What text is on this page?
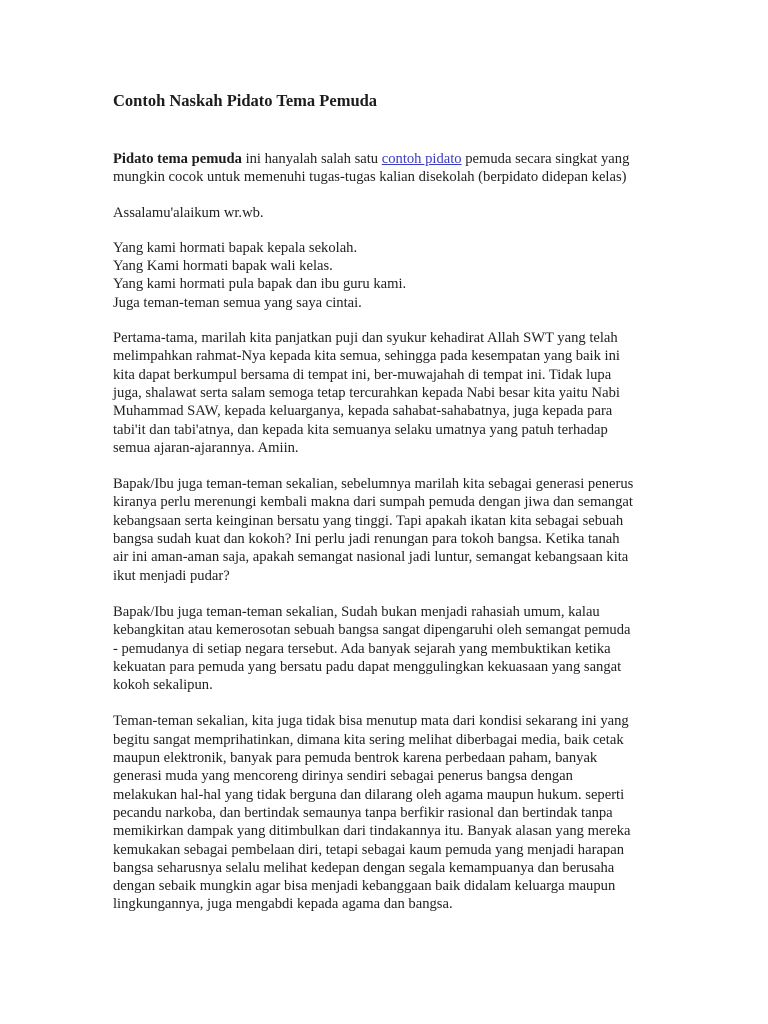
Contoh Naskah Pidato Tema Pemuda

Pidato tema pemuda ini hanyalah salah satu contoh pidato pemuda secara singkat yang
mungkin cocok untuk memenuhi tugas-tugas kalian disekolah (berpidato didepan kelas)

Assalamu'alaikum wr.wb.

Yang kami hormati bapak kepala sekolah.
Yang Kami hormati bapak wali kelas.
Yang kami hormati pula bapak dan ibu guru kami.
Juga teman-teman semua yang saya cintai.

Pertama-tama, marilah kita panjatkan puji dan syukur kehadirat Allah SWT yang telah
melimpahkan rahmat-Nya kepada kita semua, sehingga pada kesempatan yang baik ini
kita dapat berkumpul bersama di tempat ini, ber-muwajahah di tempat ini. Tidak lupa
juga, shalawat serta salam semoga tetap tercurahkan kepada Nabi besar kita yaitu Nabi
Muhammad SAW, kepada keluarganya, kepada sahabat-sahabatnya, juga kepada para
tabi'it dan tabi'atnya, dan kepada kita semuanya selaku umatnya yang patuh terhadap
semua ajaran-ajarannya. Amiin.

Bapak/Ibu juga teman-teman sekalian, sebelumnya marilah kita sebagai generasi penerus
kiranya perlu merenungi kembali makna dari sumpah pemuda dengan jiwa dan semangat
kebangsaan serta keinginan bersatu yang tinggi. Tapi apakah ikatan kita sebagai sebuah
bangsa sudah kuat dan kokoh? Ini perlu jadi renungan para tokoh bangsa. Ketika tanah
air ini aman-aman saja, apakah semangat nasional jadi luntur, semangat kebangsaan kita
ikut menjadi pudar?

Bapak/Ibu juga teman-teman sekalian, Sudah bukan menjadi rahasiah umum, kalau
kebangkitan atau kemerosotan sebuah bangsa sangat dipengaruhi oleh semangat pemuda
- pemudanya di setiap negara tersebut. Ada banyak sejarah yang membuktikan ketika
kekuatan para pemuda yang bersatu padu dapat menggulingkan kekuasaan yang sangat
kokoh sekalipun.

Teman-teman sekalian, kita juga tidak bisa menutup mata dari kondisi sekarang ini yang
begitu sangat memprihatinkan, dimana kita sering melihat diberbagai media, baik cetak
maupun elektronik, banyak para pemuda bentrok karena perbedaan paham, banyak
generasi muda yang mencoreng dirinya sendiri sebagai penerus bangsa dengan
melakukan hal-hal yang tidak berguna dan dilarang oleh agama maupun hukum. seperti
pecandu narkoba, dan bertindak semaunya tanpa berfikir rasional dan bertindak tanpa
memikirkan dampak yang ditimbulkan dari tindakannya itu. Banyak alasan yang mereka
kemukakan sebagai pembelaan diri, tetapi sebagai kaum pemuda yang menjadi harapan
bangsa seharusnya selalu melihat kedepan dengan segala kemampuanya dan berusaha
dengan sebaik mungkin agar bisa menjadi kebanggaan baik didalam keluarga maupun
lingkungannya, juga mengabdi kepada agama dan bangsa.
